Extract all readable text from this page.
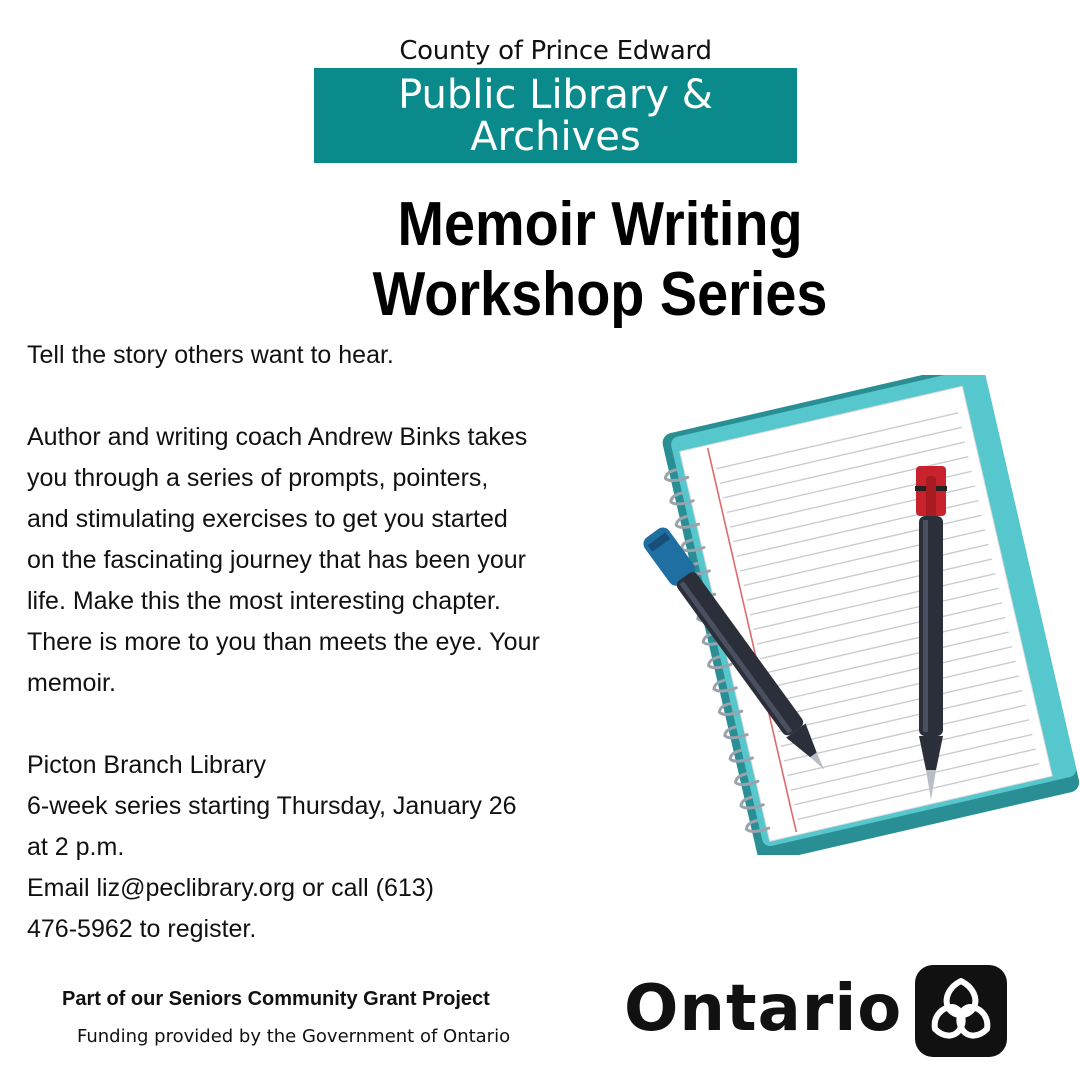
County of Prince Edward
Public Library &
Archives
Memoir Writing
Workshop Series

Tell the story others want to hear.

Author and writing coach Andrew Binks takes

you through a series of prompts, pointers,

and stimulating exercises to get you started

on the fascinating journey that has been your

life. Make this the most interesting chapter.

There is more to you than meets the eye. Your

memoir.

Picton Branch Library

6-week series starting Thursday, January 26

at 2 p.m.

Email liz@peclibrary.org or call (613)

476-5962 to register.

Part of our Seniors Community Grant Project
Funding provided by the Government of Ontario Ontario
